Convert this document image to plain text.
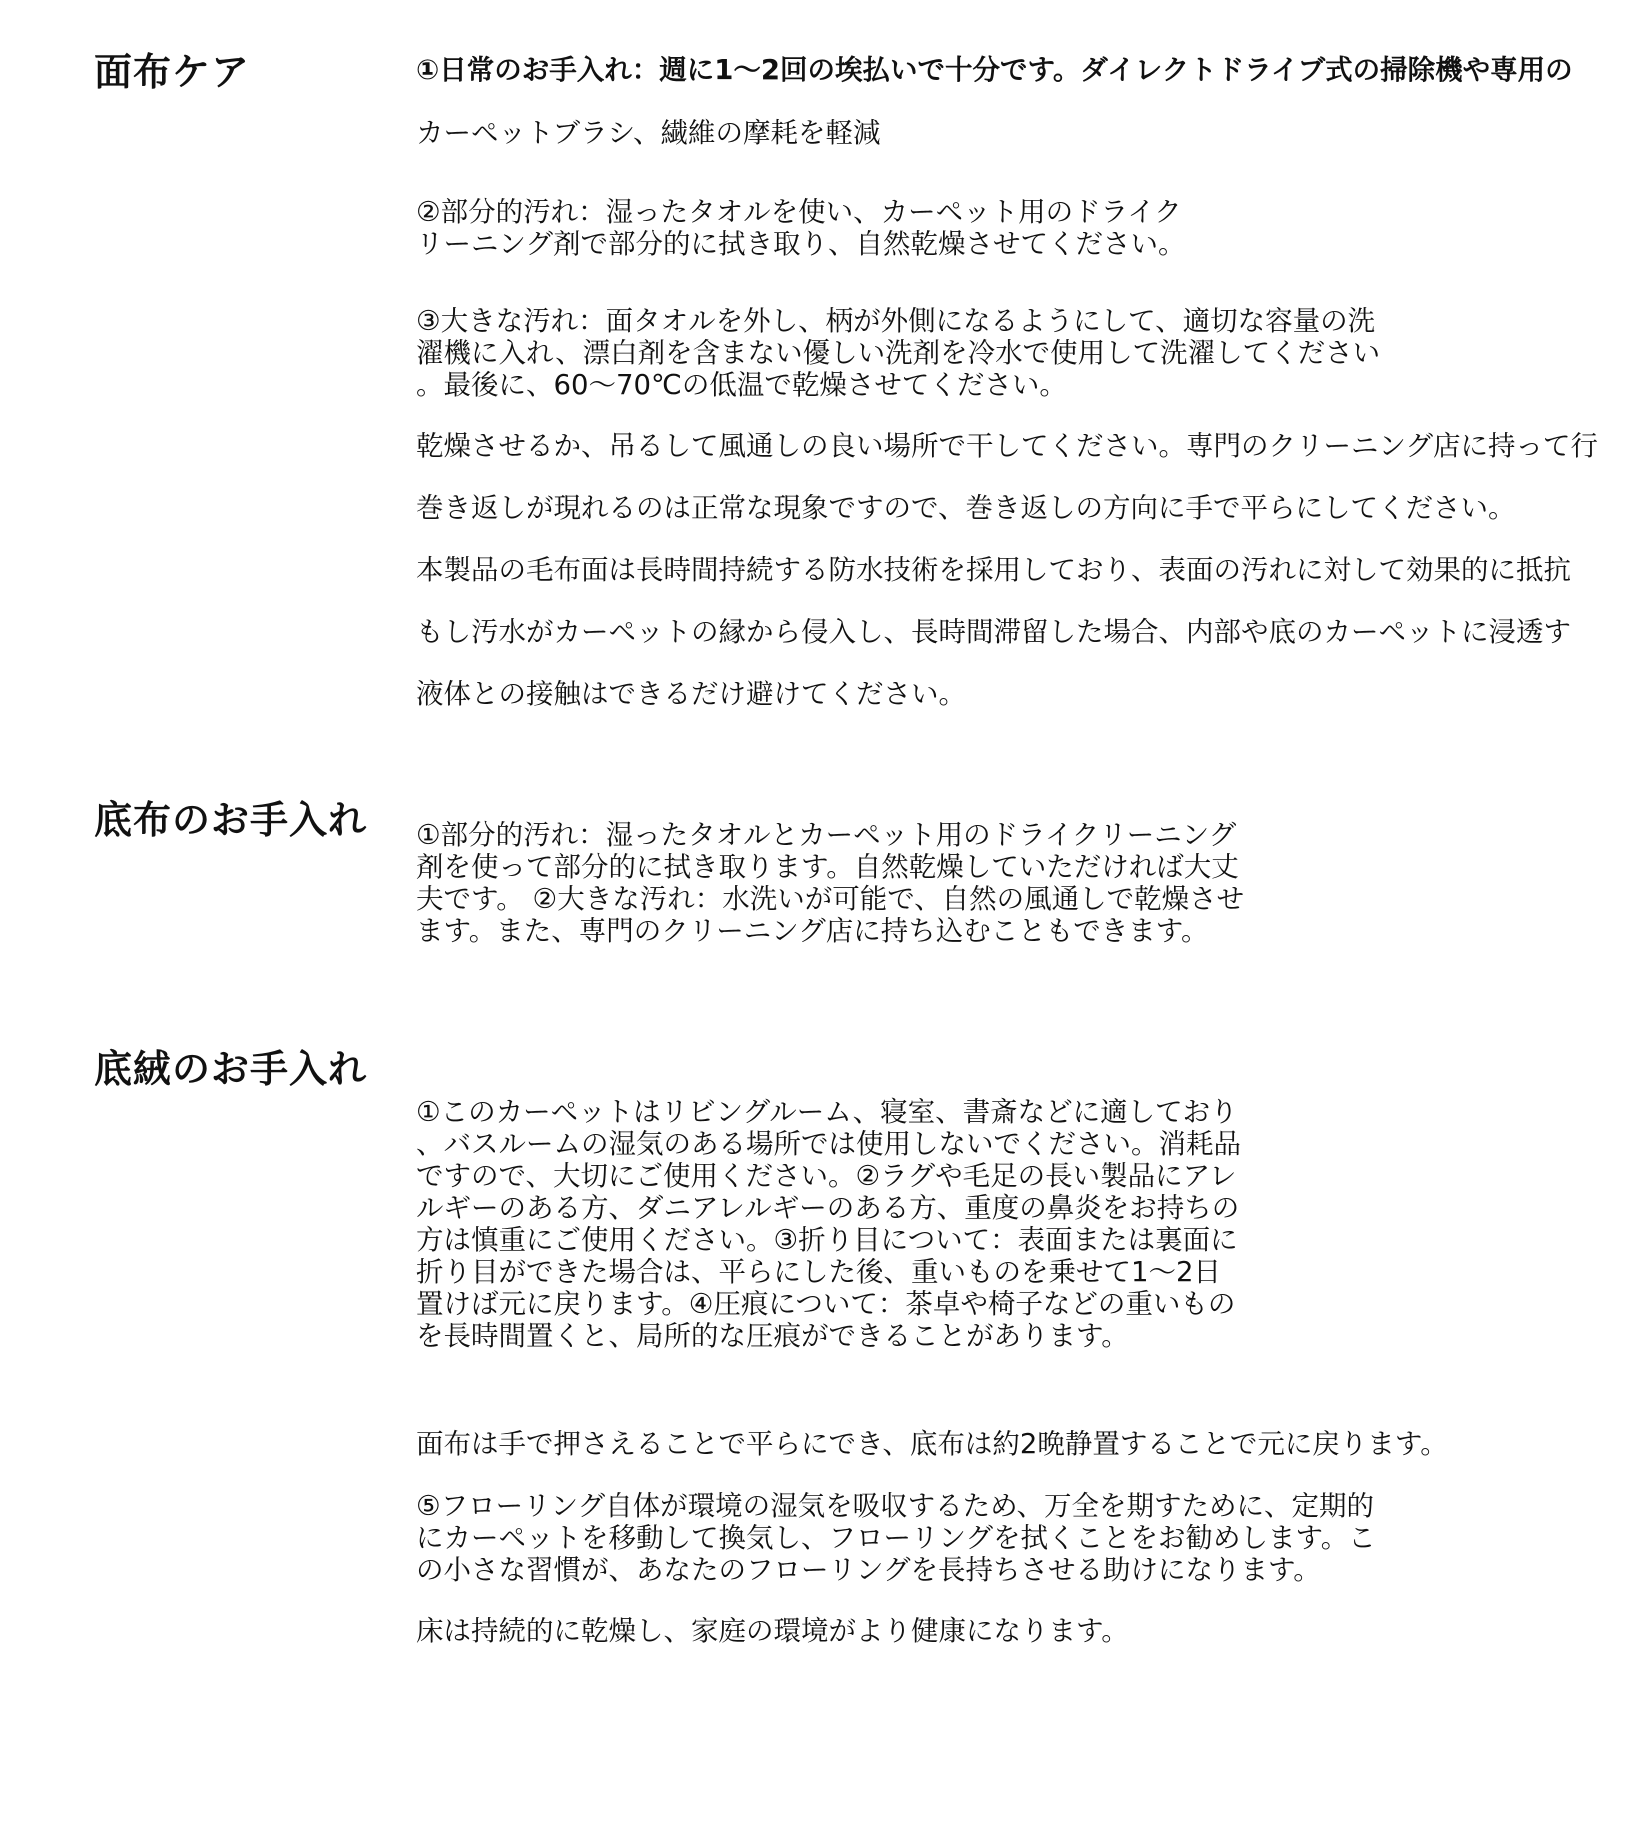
面布ケア	①日常のお手入れ：週に1〜2回の埃払いで十分です。ダイレクトドライブ式の掃除機や専用の

カーペットブラシ、繊維の摩耗を軽減

②部分的汚れ：湿ったタオルを使い、カーペット用のドライク
リーニング剤で部分的に拭き取り、自然乾燥させてください。
③大きな汚れ：面タオルを外し、柄が外側になるようにして、適切な容量の洗
濯機に入れ、漂白剤を含まない優しい洗剤を冷水で使用して洗濯してください
。最後に、60〜70℃の低温で乾燥させてください。

乾燥させるか、吊るして風通しの良い場所で干してください。専門のクリーニング店に持って行

巻き返しが現れるのは正常な現象ですので、巻き返しの方向に手で平らにしてください。

本製品の毛布面は長時間持続する防水技術を採用しており、表面の汚れに対して効果的に抵抗

もし汚水がカーペットの縁から侵入し、長時間滞留した場合、内部や底のカーペットに浸透す

液体との接触はできるだけ避けてください。

底布のお手入れ ①部分的汚れ：湿ったタオルとカーペット用のドライクリーニング
剤を使って部分的に拭き取ります。自然乾燥していただければ大丈
夫です。 ②大きな汚れ：水洗いが可能で、自然の風通しで乾燥させ
ます。また、専門のクリーニング店に持ち込むこともできます。
底絨のお手入れ
①このカーペットはリビングルーム、寝室、書斎などに適しており
、バスルームの湿気のある場所では使用しないでください。消耗品
ですので、大切にご使用ください。②ラグや毛足の長い製品にアレ
ルギーのある方、ダニアレルギーのある方、重度の鼻炎をお持ちの
方は慎重にご使用ください。③折り目について：表面または裏面に
折り目ができた場合は、平らにした後、重いものを乗せて1〜2日
置けば元に戻ります。④圧痕について：茶卓や椅子などの重いもの
を長時間置くと、局所的な圧痕ができることがあります。

面布は手で押さえることで平らにでき、底布は約2晩静置することで元に戻ります。

⑤フローリング自体が環境の湿気を吸収するため、万全を期すために、定期的
にカーペットを移動して換気し、フローリングを拭くことをお勧めします。こ
の小さな習慣が、あなたのフローリングを長持ちさせる助けになります。

床は持続的に乾燥し、家庭の環境がより健康になります。
